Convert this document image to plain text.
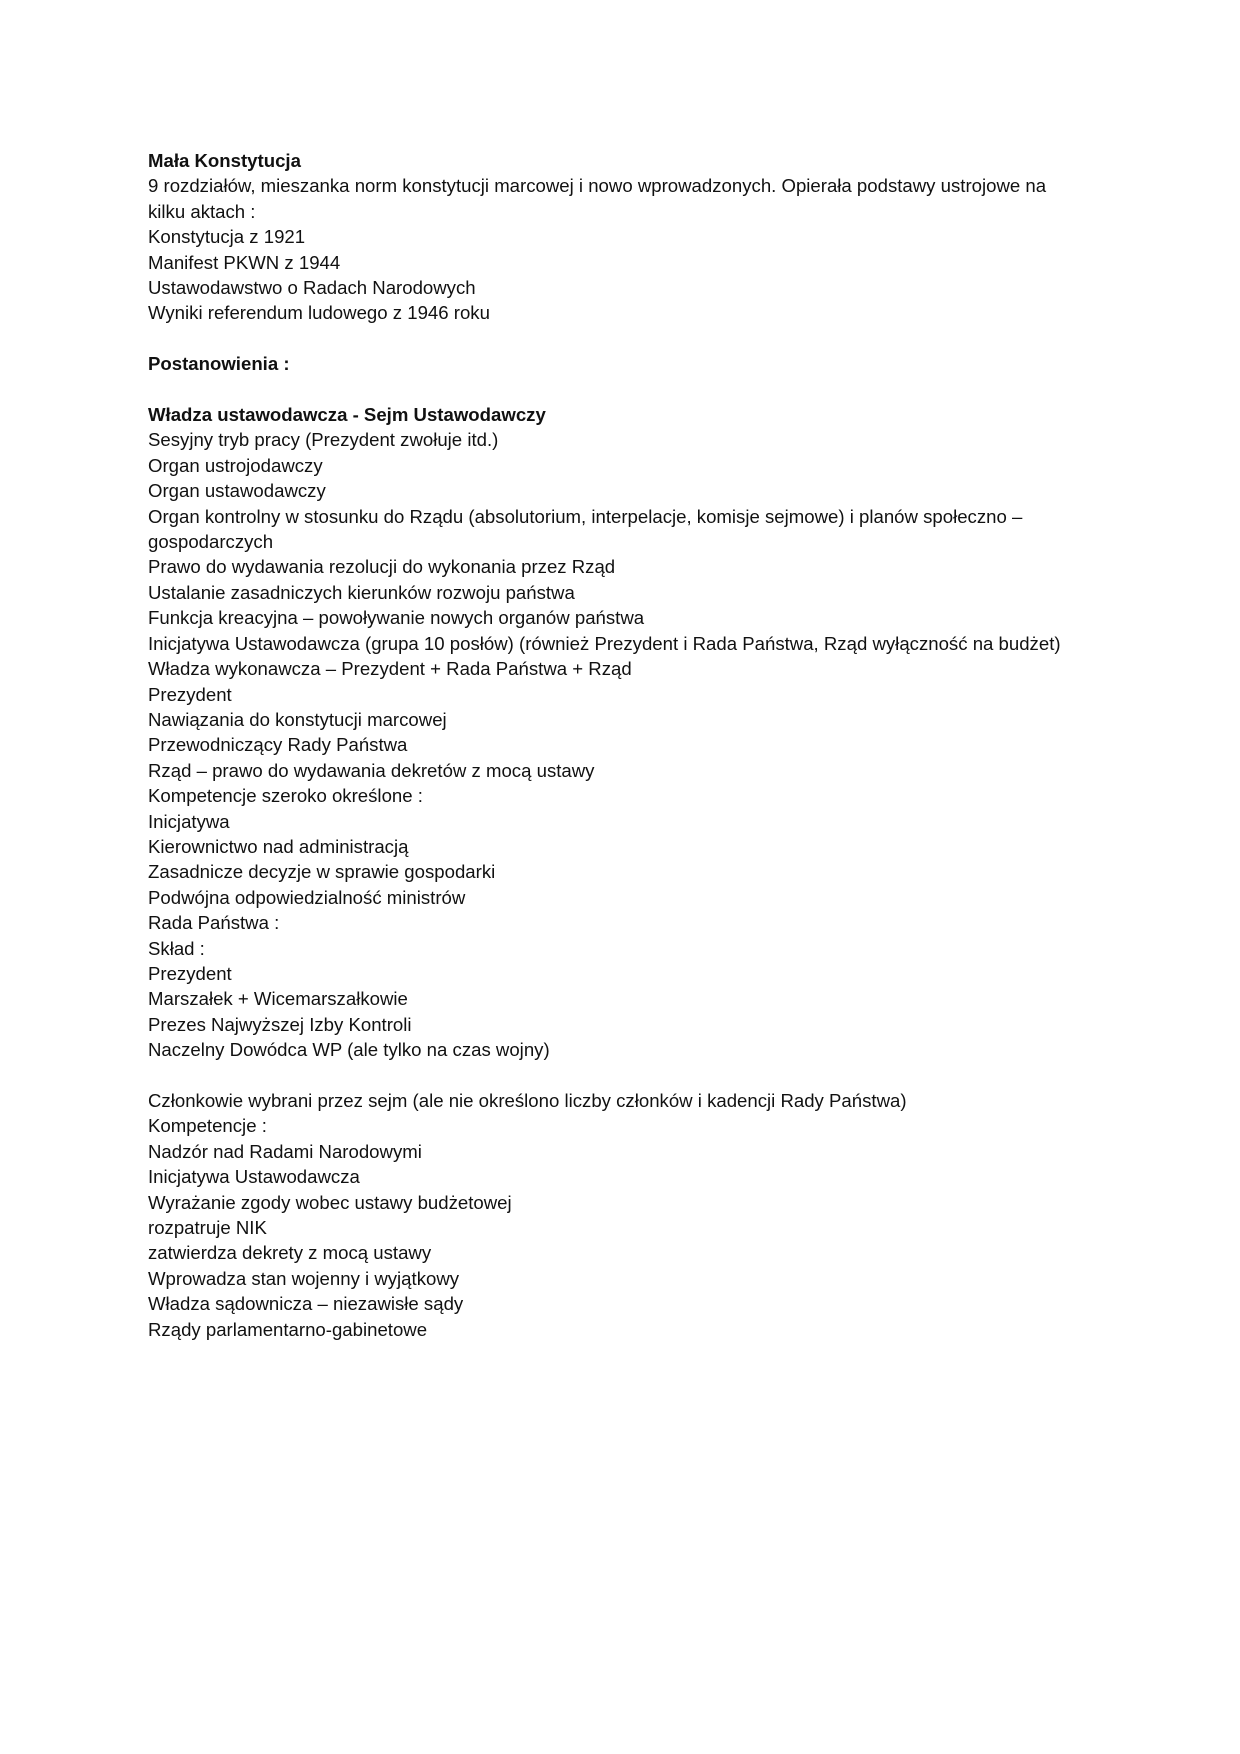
Mała Konstytucja
9 rozdziałów, mieszanka norm konstytucji marcowej i nowo wprowadzonych. Opierała podstawy ustrojowe na kilku aktach :
Konstytucja z 1921
Manifest PKWN z 1944
Ustawodawstwo o Radach Narodowych
Wyniki referendum ludowego z 1946 roku
Postanowienia :
Władza ustawodawcza - Sejm Ustawodawczy
Sesyjny tryb pracy (Prezydent zwołuje itd.)
Organ ustrojodawczy
Organ ustawodawczy
Organ kontrolny w stosunku do Rządu (absolutorium, interpelacje, komisje sejmowe) i planów społeczno – gospodarczych
Prawo do wydawania rezolucji do wykonania przez Rząd
Ustalanie zasadniczych kierunków rozwoju państwa
Funkcja kreacyjna – powoływanie nowych organów państwa
Inicjatywa Ustawodawcza (grupa 10 posłów) (również Prezydent i Rada Państwa, Rząd wyłączność na budżet)
Władza wykonawcza – Prezydent + Rada Państwa + Rząd
Prezydent
Nawiązania do konstytucji marcowej
Przewodniczący Rady Państwa
Rząd – prawo do wydawania dekretów z mocą ustawy
Kompetencje szeroko określone :
Inicjatywa
Kierownictwo nad administracją
Zasadnicze decyzje w sprawie gospodarki
Podwójna odpowiedzialność ministrów
Rada Państwa :
Skład :
Prezydent
Marszałek + Wicemarszałkowie
Prezes Najwyższej Izby Kontroli
Naczelny Dowódca WP (ale tylko na czas wojny)
Członkowie wybrani przez sejm (ale nie określono liczby członków i kadencji Rady Państwa)
Kompetencje :
Nadzór nad Radami Narodowymi
Inicjatywa Ustawodawcza
Wyrażanie zgody wobec ustawy budżetowej
rozpatruje NIK
zatwierdza dekrety z mocą ustawy
Wprowadza stan wojenny i wyjątkowy
Władza sądownicza – niezawisłe sądy
Rządy parlamentarno-gabinetowe
